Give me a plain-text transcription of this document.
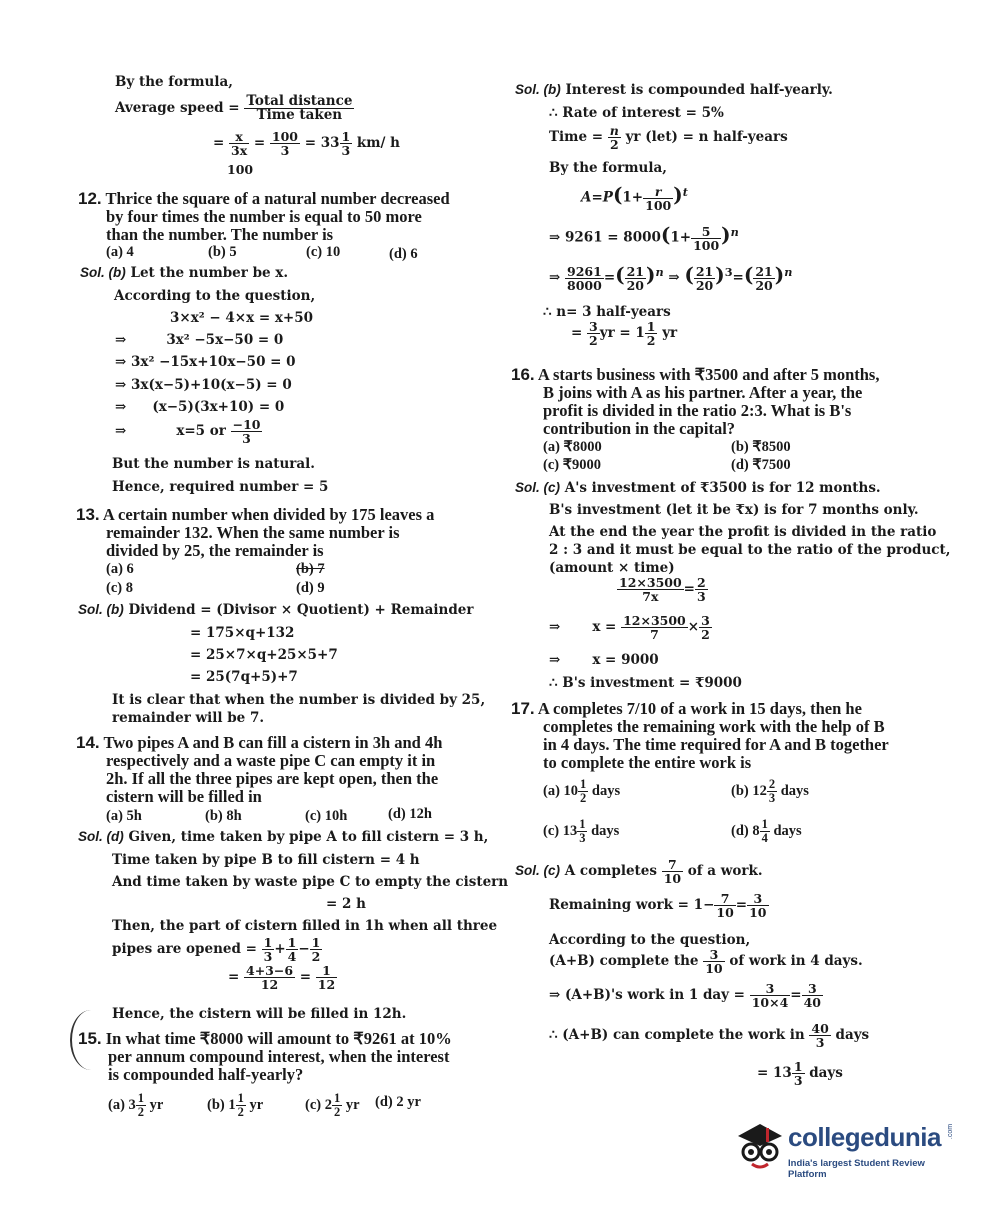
By the formula,
Average speed = $\frac{\text{Total distance}}{\text{Time taken}}$
= $\frac{x}{3x} = \frac{100}{3} = 33 \frac{1}{3} km/$ h
100
12. Thrice the square of a natural number decreased
by four times the number is equal to 50 more
than the number. The number is
(a) 4	(b) 5	(c) 10	(d) 6
Sol. (b) Let the number be x.
According to the question,
3×x² − 4×x = x+50
⇒	3x² −5x−50 = 0
⇒ 3x² −15x+10x−50 = 0
⇒ 3x(x−5)+10(x−5) = 0
⇒ (x−5)(3x+10) = 0
⇒	x=5 or $\frac{-10}{3}$
But the number is natural.
Hence, required number = 5
13. A certain number when divided by 175 leaves a
remainder 132. When the same number is
divided by 25, the remainder is
(a) 6	(b) 7
(c) 8	(d) 9
Sol. (b) Dividend = (Divisor × Quotient) + Remainder
= 175×q+132
= 25×7×q+25×5+7
= 25(7q+5)+7
It is clear that when the number is divided by 25,
remainder will be 7.
14. Two pipes A and B can fill a cistern in 3h and 4h
respectively and a waste pipe C can empty it in
2h. If all the three pipes are kept open, then the
cistern will be filled in
(a) 5h	(b) 8h	(c) 10h	(d) 12h
Sol. (d) Given, time taken by pipe A to fill cistern = 3 h,
Time taken by pipe B to fill cistern = 4 h
And time taken by waste pipe C to empty the cistern
= 2 h
Then, the part of cistern filled in 1h when all three
pipes are opened = $\frac{1}{3} + \frac{1}{4} - \frac{1}{2}$
= $\frac{4+3-6}{12} = \frac{1}{12}$
Hence, the cistern will be filled in 12h.
15. In what time ₹8000 will amount to ₹9261 at 10%
per annum compound interest, when the interest
is compounded half-yearly?
(a) $3 \frac{1}{2}$ yr	(b) $1 \frac{1}{2}$ yr	(c) $2 \frac{1}{2}$ yr (d) 2 yr
Sol. (b) Interest is compounded half-yearly.
∴ Rate of interest = 5%
Time = $\frac{n}{2}$ yr (let) = n half-years
By the formula,
$A=P(1+ \frac{r}{100} )^t$
⇒ $9261 = 8000(1+ \frac{5}{100} )^n$
⇒ $\frac{9261}{8000}$ =( $\frac{21}{20} )^n$ ⇒ ( $\frac{21}{20} )^3=( \frac{21}{20} )^n$
∴ n= 3 half-years
= $\frac{3}{2}$ yr = $1 \frac{1}{2}$ yr
16. A starts business with ₹3500 and after 5 months,
B joins with A as his partner. After a year, the
profit is divided in the ratio 2:3. What is B's
contribution in the capital?
(a) ₹8000	(b) ₹8500
(c) ₹9000	(d) ₹7500
Sol. (c) A's investment of ₹3500 is for 12 months.
B's investment (let it be ₹x) is for 7 months only.
At the end the year the profit is divided in the ratio
2 : 3 and it must be equal to the ratio of the product,
(amount × time)
$\frac{12\times 3500}{7x} = \frac{2}{3}$
⇒ $x = \frac{12\times 3500}{7} \times \frac{3}{2}$
⇒ x = 9000
∴ B's investment = ₹9000
17. A completes 7/10 of a work in 15 days, then he
completes the remaining work with the help of B
in 4 days. The time required for A and B together
to complete the entire work is
(a) $10 \frac{1}{2}$ days	(b) $12 \frac{2}{3}$ days
(c) $13 \frac{1}{3}$ days	(d) $8 \frac{1}{4}$ days
Sol. (c) A completes $\frac{7}{10}$ of a work.
Remaining work = $1- \frac{7}{10} = \frac{3}{10}$
According to the question,
(A+B) complete the $\frac{3}{10}$ of work in 4 days.
⇒ (A+B)'s work in 1 day = $\frac{3}{10\times 4} = \frac{3}{40}$
∴ (A+B) can complete the work in $\frac{40}{3}$ days
= $13 \frac{1}{3}$ days
collegedunia .com
India's largest Student Review Platform
